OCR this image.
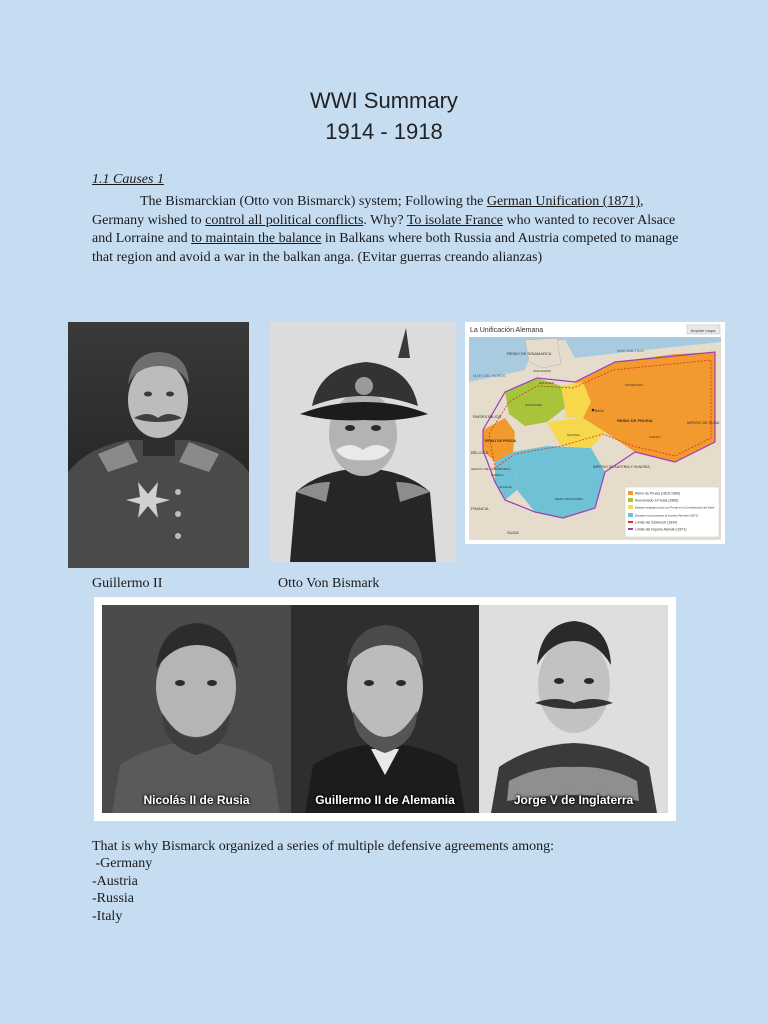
WWI Summary
1914 - 1918
1.1 Causes 1
The Bismarckian (Otto von Bismarck) system; Following the German Unification (1871), Germany wished to control all political conflicts. Why? To isolate France who wanted to recover Alsace and Lorraine and to maintain the balance in Balkans where both Russia and Austria competed to manage that region and avoid a war in the balkan anga. (Evitar guerras creando alianzas)
La Unificación Alemana	Ampliar mapa
Reino de Prusia (1815-1866)
Anexionado a Prusia (1866)
Estados integrados junto con Prusia en la Confederación del Norte
Estados incorporados al imperio Alemán (1871)
Límite del Zollverein (1834)
Límite del Imperio Alemán (1871)
REINO DE DINAMARCA
MAR BÁLTICO
MAR DEL NORTE
PAÍSES BAJOS
BÉLGICA
REINO DE PRUSIA
REINO DE PRUSIA
IMPERIO DE RUSIA
IMPERIO DE AUSTRIA Y HUNGRÍA
FRANCIA
SUIZA
REINO DE BAVIERA
GRAN D. DE LUXEMBURGO
Berlín
POMERANIA
HOLSTEIN
SCHLESWIG
HANNOVER
SAJONIA	SILESIA
ALSACIA
LORENA
Guillermo II	Otto Von Bismark
Nicolás II de Rusia	Guillermo II de Alemania	Jorge V de Inglaterra
That is why Bismarck organized a series of multiple defensive agreements among:
-Germany
-Austria
-Russia
-Italy
